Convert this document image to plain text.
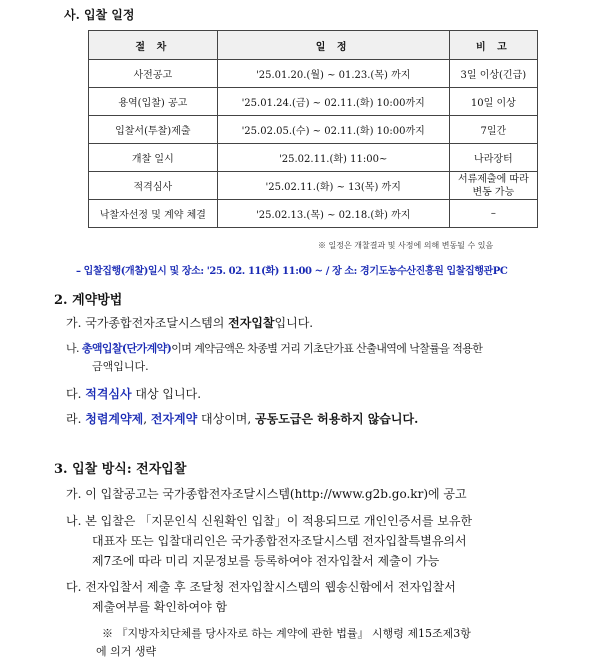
사. 입찰 일정
절 차	일 정	비 고
사전공고	'25.01.20.(월) ~ 01.23.(목) 까지	3일 이상(긴급)
용역(입찰) 공고	'25.01.24.(금) ~ 02.11.(화) 10:00까지	10일 이상
입찰서(투찰)제출	'25.02.05.(수) ~ 02.11.(화) 10:00까지	7일간
개찰 일시	'25.02.11.(화) 11:00~	나라장터
적격심사	'25.02.11.(화) ~ 13(목) 까지	서류제출에 따라
변동 가능
낙찰자선정 및 계약 체결	'25.02.13.(목) ~ 02.18.(화) 까지	–
※ 일정은 개찰결과 및 사정에 의해 변동될 수 있음
– 입찰집행(개찰)일시 및 장소: '25. 02. 11(화) 11:00 ~ / 장 소: 경기도농수산진흥원 입찰집행관PC
2. 계약방법
가. 국가종합전자조달시스템의 전자입찰입니다.
나. 총액입찰(단가계약)이며 계약금액은 차종별 거리 기초단가표 산출내역에 낙찰률을 적용한
금액입니다.
다. 적격심사 대상 입니다.
라. 청렴계약제, 전자계약 대상이며, 공동도급은 허용하지 않습니다.
3. 입찰 방식: 전자입찰
가. 이 입찰공고는 국가종합전자조달시스템(http://www.g2b.go.kr)에 공고
나. 본 입찰은 「지문인식 신원확인 입찰」이 적용되므로 개인인증서를 보유한
대표자 또는 입찰대리인은 국가종합전자조달시스템 전자입찰특별유의서
제7조에 따라 미리 지문정보를 등록하여야 전자입찰서 제출이 가능
다. 전자입찰서 제출 후 조달청 전자입찰시스템의 웹송신함에서 전자입찰서
제출여부를 확인하여야 함
※ 『지방자치단체를 당사자로 하는 계약에 관한 법률』 시행령 제15조제3항
에 의거 생략
